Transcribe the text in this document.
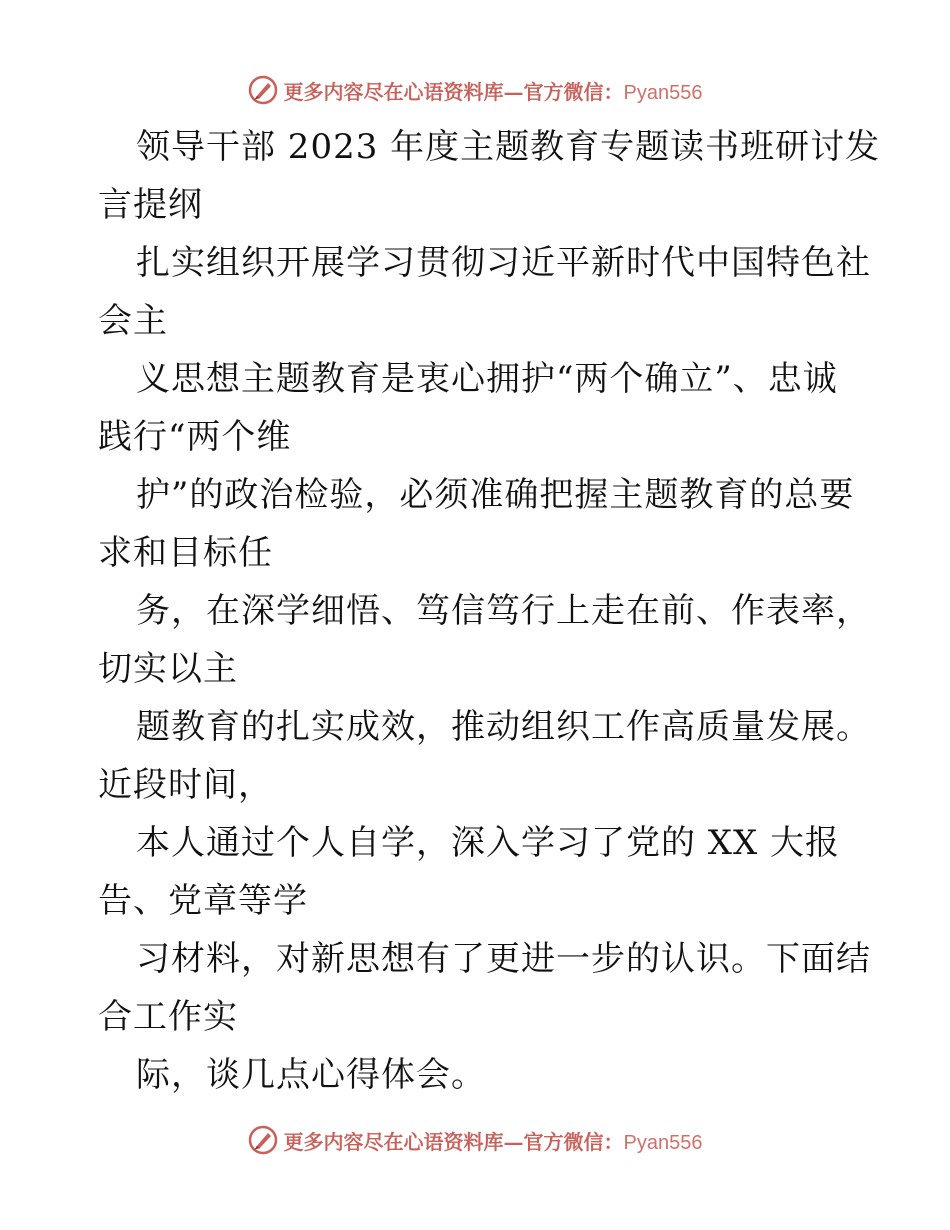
更多内容尽在心语资料库—官方微信：Pyan556
领导干部 2023 年度主题教育专题读书班研讨发
言提纲
扎实组织开展学习贯彻习近平新时代中国特色社
会主
义思想主题教育是衷心拥护“两个确立”、忠诚
践行“两个维
护”的政治检验，必须准确把握主题教育的总要
求和目标任
务，在深学细悟、笃信笃行上走在前、作表率，
切实以主
题教育的扎实成效，推动组织工作高质量发展。
近段时间，
本人通过个人自学，深入学习了党的 XX 大报
告、党章等学
习材料，对新思想有了更进一步的认识。下面结
合工作实
际，谈几点心得体会。
更多内容尽在心语资料库—官方微信：Pyan556
